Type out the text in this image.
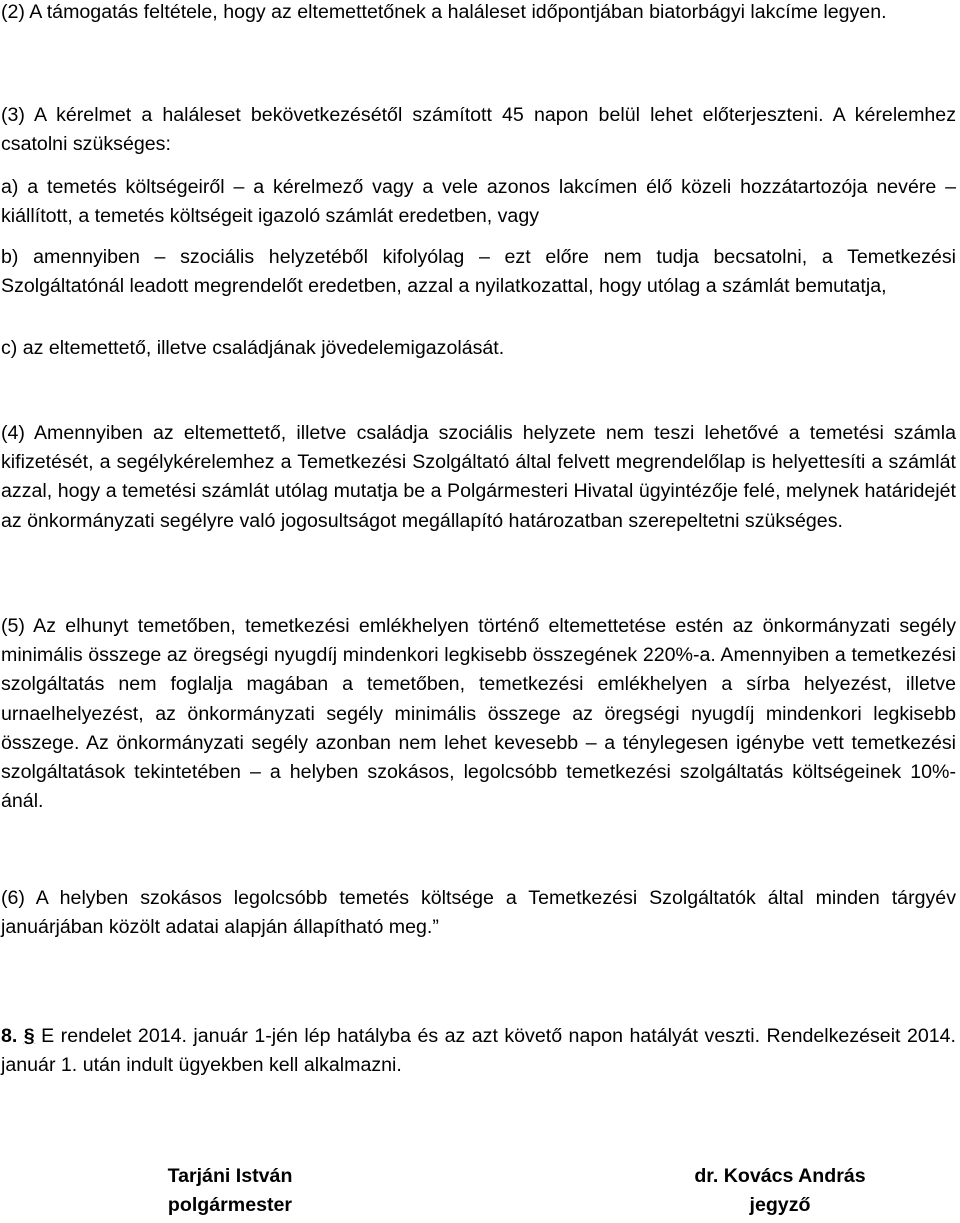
(2) A támogatás feltétele, hogy az eltemettetőnek a haláleset időpontjában biatorbágyi lakcíme legyen.

(3) A kérelmet a haláleset bekövetkezésétől számított 45 napon belül lehet előterjeszteni. A kérelemhez csatolni szükséges:

a) a temetés költségeiről – a kérelmező vagy a vele azonos lakcímen élő közeli hozzátartozója nevére – kiállított, a temetés költségeit igazoló számlát eredetben, vagy

b) amennyiben – szociális helyzetéből kifolyólag – ezt előre nem tudja becsatolni, a Temetkezési Szolgáltatónál leadott megrendelőt eredetben, azzal a nyilatkozattal, hogy utólag a számlát bemutatja,

c) az eltemettető, illetve családjának jövedelemigazolását.

(4) Amennyiben az eltemettető, illetve családja szociális helyzete nem teszi lehetővé a temetési számla kifizetését, a segélykérelemhez a Temetkezési Szolgáltató által felvett megrendelőlap is helyettesíti a számlát azzal, hogy a temetési számlát utólag mutatja be a Polgármesteri Hivatal ügyintézője felé, melynek határidejét az önkormányzati segélyre való jogosultságot megállapító határozatban szerepeltetni szükséges.

(5) Az elhunyt temetőben, temetkezési emlékhelyen történő eltemettetése estén az önkormányzati segély minimális összege az öregségi nyugdíj mindenkori legkisebb összegének 220%-a. Amennyiben a temetkezési szolgáltatás nem foglalja magában a temetőben, temetkezési emlékhelyen a sírba helyezést, illetve urnaelhelyezést, az önkormányzati segély minimális összege az öregségi nyugdíj mindenkori legkisebb összege. Az önkormányzati segély azonban nem lehet kevesebb – a ténylegesen igénybe vett temetkezési szolgáltatások tekintetében – a helyben szokásos, legolcsóbb temetkezési szolgáltatás költségeinek 10%-ánál.

(6) A helyben szokásos legolcsóbb temetés költsége a Temetkezési Szolgáltatók által minden tárgyév januárjában közölt adatai alapján állapítható meg.”

8. § E rendelet 2014. január 1-jén lép hatályba és az azt követő napon hatályát veszti. Rendelkezéseit 2014. január 1. után indult ügyekben kell alkalmazni.

Tarjáni István
polgármester
dr. Kovács András
jegyző
